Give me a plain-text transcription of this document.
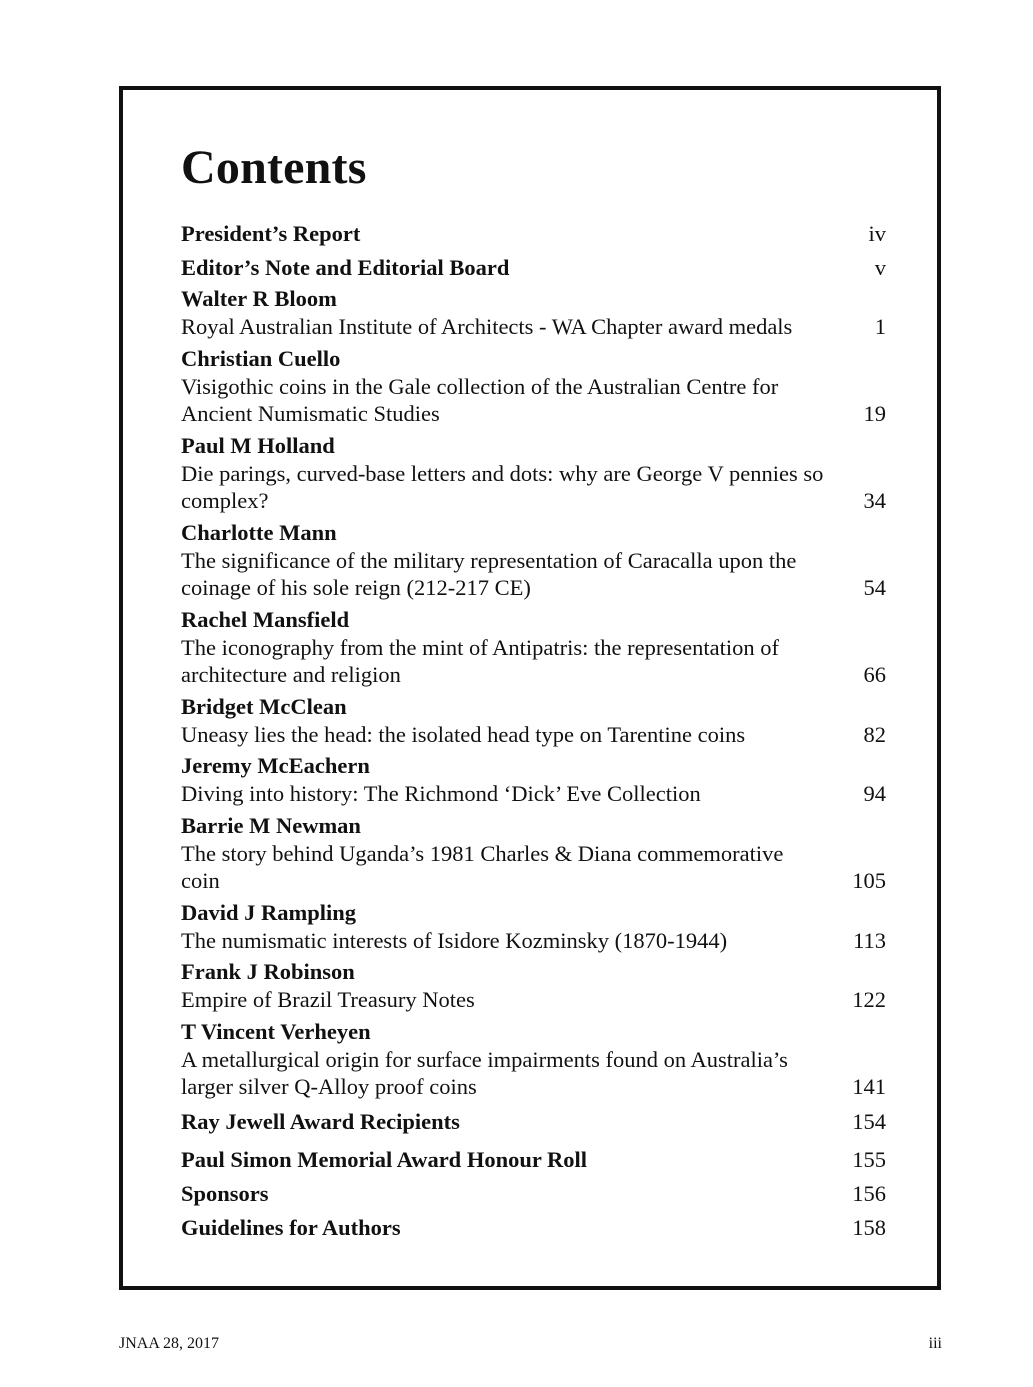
Contents
President’s Report	iv
Editor’s Note and Editorial Board	v
Walter R Bloom
Royal Australian Institute of Architects - WA Chapter award medals	1
Christian Cuello
Visigothic coins in the Gale collection of the Australian Centre for Ancient Numismatic Studies	19
Paul M Holland
Die parings, curved-base letters and dots: why are George V pennies so complex?	34
Charlotte Mann
The significance of the military representation of Caracalla upon the coinage of his sole reign (212-217 CE)	54
Rachel Mansfield
The iconography from the mint of Antipatris: the representation of architecture and religion	66
Bridget McClean
Uneasy lies the head: the isolated head type on Tarentine coins	82
Jeremy McEachern
Diving into history: The Richmond ‘Dick’ Eve Collection	94
Barrie M Newman
The story behind Uganda’s 1981 Charles & Diana commemorative coin	105
David J Rampling
The numismatic interests of Isidore Kozminsky (1870-1944)	113
Frank J Robinson
Empire of Brazil Treasury Notes	122
T Vincent Verheyen
A metallurgical origin for surface impairments found on Australia’s larger silver Q-Alloy proof coins	141
Ray Jewell Award Recipients	154
Paul Simon Memorial Award Honour Roll	155
Sponsors	156
Guidelines for Authors	158
JNAA 28, 2017	iii
